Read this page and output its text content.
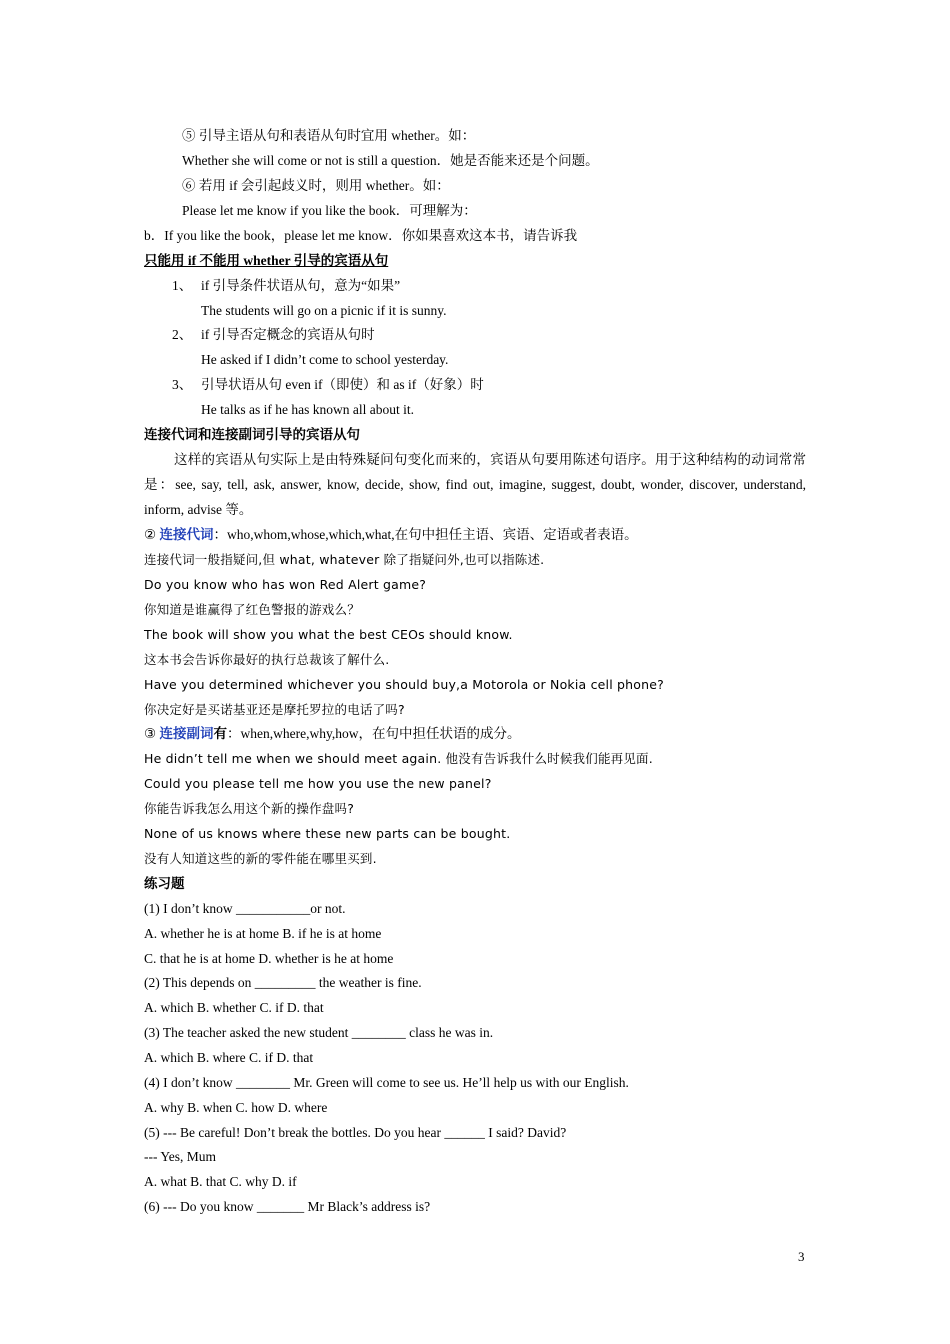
⑤ 引导主语从句和表语从句时宜用 whether。如：
Whether she will come or not is still a question．她是否能来还是个问题。
⑥ 若用 if 会引起歧义时，则用 whether。如：
Please let me know if you like the book．可理解为：
b．If you like the book，please let me know．你如果喜欢这本书，请告诉我
只能用 if 不能用 whether 引导的宾语从句
1、 if 引导条件状语从句，意为“如果”
The students will go on a picnic if it is sunny.
2、 if 引导否定概念的宾语从句时
He asked if I didn’t come to school yesterday.
3、 引导状语从句 even if（即使）和 as if（好象）时
He talks as if he has known all about it.
连接代词和连接副词引导的宾语从句
这样的宾语从句实际上是由特殊疑问句变化而来的，宾语从句要用陈述句语序。用于这种结构的动词常常是：see, say, tell, ask, answer, know, decide, show, find out, imagine, suggest, doubt, wonder, discover, understand, inform, advise 等。
② 连接代词：who,whom,whose,which,what,在句中担任主语、宾语、定语或者表语。
连接代词一般指疑问,但 what, whatever 除了指疑问外,也可以指陈述.
Do you know who has won Red Alert game?
你知道是谁赢得了红色警报的游戏么？
The book will show you what the best CEOs should know.
这本书会告诉你最好的执行总裁该了解什么.
Have you determined whichever you should buy,a Motorola or Nokia cell phone?
你决定好是买诺基亚还是摩托罗拉的电话了吗?
③ 连接副词有：when,where,why,how，在句中担任状语的成分。
He didn’t tell me when we should meet again. 他没有告诉我什么时候我们能再见面.
Could you please tell me how you use the new panel?
你能告诉我怎么用这个新的操作盘吗?
None of us knows where these new parts can be bought.
没有人知道这些的新的零件能在哪里买到.
练习题
(1) I don’t know ___________or not.
A. whether he is at home B. if he is at home
C. that he is at home D. whether is he at home
(2) This depends on _________ the weather is fine.
A. which B. whether C. if D. that
(3) The teacher asked the new student ________ class he was in.
A. which B. where C. if D. that
(4) I don’t know ________ Mr. Green will come to see us. He’ll help us with our English.
A. why B. when C. how D. where
(5) --- Be careful! Don’t break the bottles. Do you hear ______ I said? David?
--- Yes, Mum
A. what B. that C. why D. if
(6) --- Do you know _______ Mr Black’s address is?
3
